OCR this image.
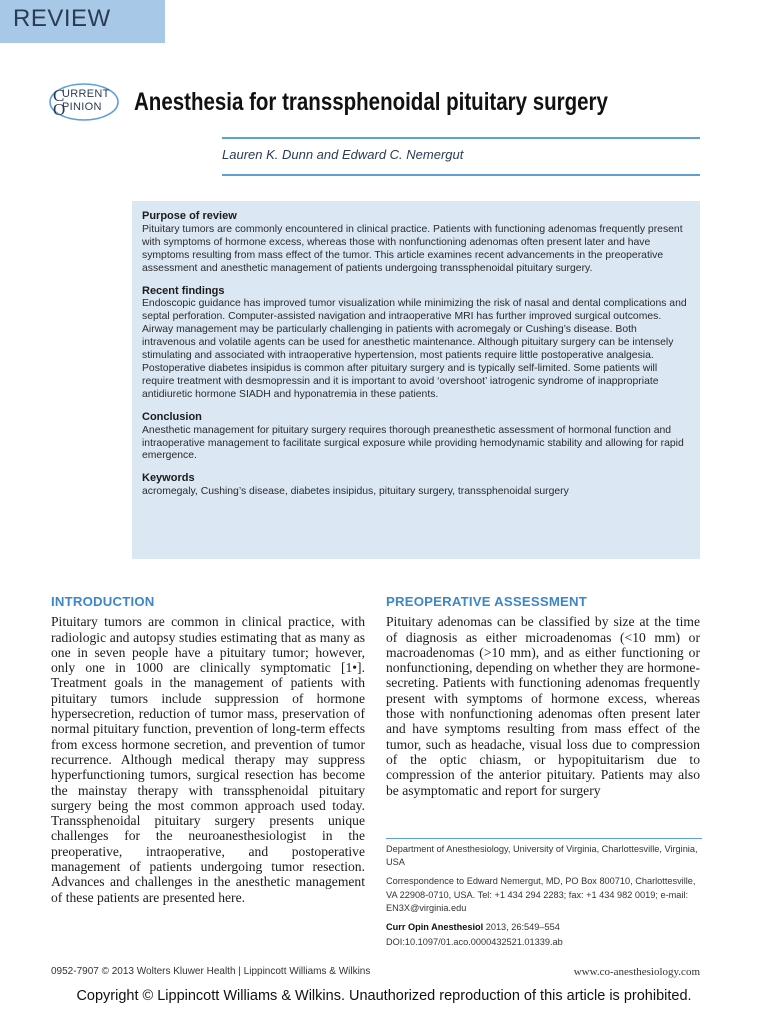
REVIEW
C
O
URRENT
PINION Anesthesia for transsphenoidal pituitary surgery
Lauren K. Dunn and Edward C. Nemergut
Purpose of review
Pituitary tumors are commonly encountered in clinical practice. Patients with functioning adenomas frequently present with symptoms of hormone excess, whereas those with nonfunctioning adenomas often present later and have symptoms resulting from mass effect of the tumor. This article examines recent advancements in the preoperative assessment and anesthetic management of patients undergoing transsphenoidal pituitary surgery.
Recent findings
Endoscopic guidance has improved tumor visualization while minimizing the risk of nasal and dental complications and septal perforation. Computer-assisted navigation and intraoperative MRI has further improved surgical outcomes. Airway management may be particularly challenging in patients with acromegaly or Cushing’s disease. Both intravenous and volatile agents can be used for anesthetic maintenance. Although pituitary surgery can be intensely stimulating and associated with intraoperative hypertension, most patients require little postoperative analgesia. Postoperative diabetes insipidus is common after pituitary surgery and is typically self-limited. Some patients will require treatment with desmopressin and it is important to avoid ‘overshoot’ iatrogenic syndrome of inappropriate antidiuretic hormone SIADH and hyponatremia in these patients.
Conclusion
Anesthetic management for pituitary surgery requires thorough preanesthetic assessment of hormonal function and intraoperative management to facilitate surgical exposure while providing hemodynamic stability and allowing for rapid emergence.
Keywords
acromegaly, Cushing’s disease, diabetes insipidus, pituitary surgery, transsphenoidal surgery
INTRODUCTION
Pituitary tumors are common in clinical practice, with radiologic and autopsy studies estimating that as many as one in seven people have a pituitary tumor; however, only one in 1000 are clinically symptomatic [1•]. Treatment goals in the management of patients with pituitary tumors include suppression of hormone hypersecretion, reduction of tumor mass, preservation of normal pituitary function, prevention of long-term effects from excess hormone secretion, and prevention of tumor recurrence. Although medical therapy may suppress hyperfunctioning tumors, surgical resection has become the mainstay therapy with transsphenoidal pituitary surgery being the most common approach used today. Transsphenoidal pituitary surgery presents unique challenges for the neuroanesthesiologist in the preoperative, intraoperative, and postoperative management of patients undergoing tumor resection. Advances and challenges in the anesthetic management of these patients are presented here.
PREOPERATIVE ASSESSMENT
Pituitary adenomas can be classified by size at the time of diagnosis as either microadenomas (<10 mm) or macroadenomas (>10 mm), and as either functioning or nonfunctioning, depending on whether they are hormone-secreting. Patients with functioning adenomas frequently present with symptoms of hormone excess, whereas those with nonfunctioning adenomas often present later and have symptoms resulting from mass effect of the tumor, such as headache, visual loss due to compression of the optic chiasm, or hypopituitarism due to compression of the anterior pituitary. Patients may also be asymptomatic and report for surgery

Department of Anesthesiology, University of Virginia, Charlottesville, Virginia, USA

Correspondence to Edward Nemergut, MD, PO Box 800710, Charlottesville, VA 22908-0710, USA. Tel: +1 434 294 2283; fax: +1 434 982 0019; e-mail: EN3X@virginia.edu

Curr Opin Anesthesiol 2013, 26:549–554

DOI:10.1097/01.aco.0000432521.01339.ab

0952-7907 © 2013 Wolters Kluwer Health | Lippincott Williams & Wilkins	www.co-anesthesiology.com
Copyright © Lippincott Williams & Wilkins. Unauthorized reproduction of this article is prohibited.
